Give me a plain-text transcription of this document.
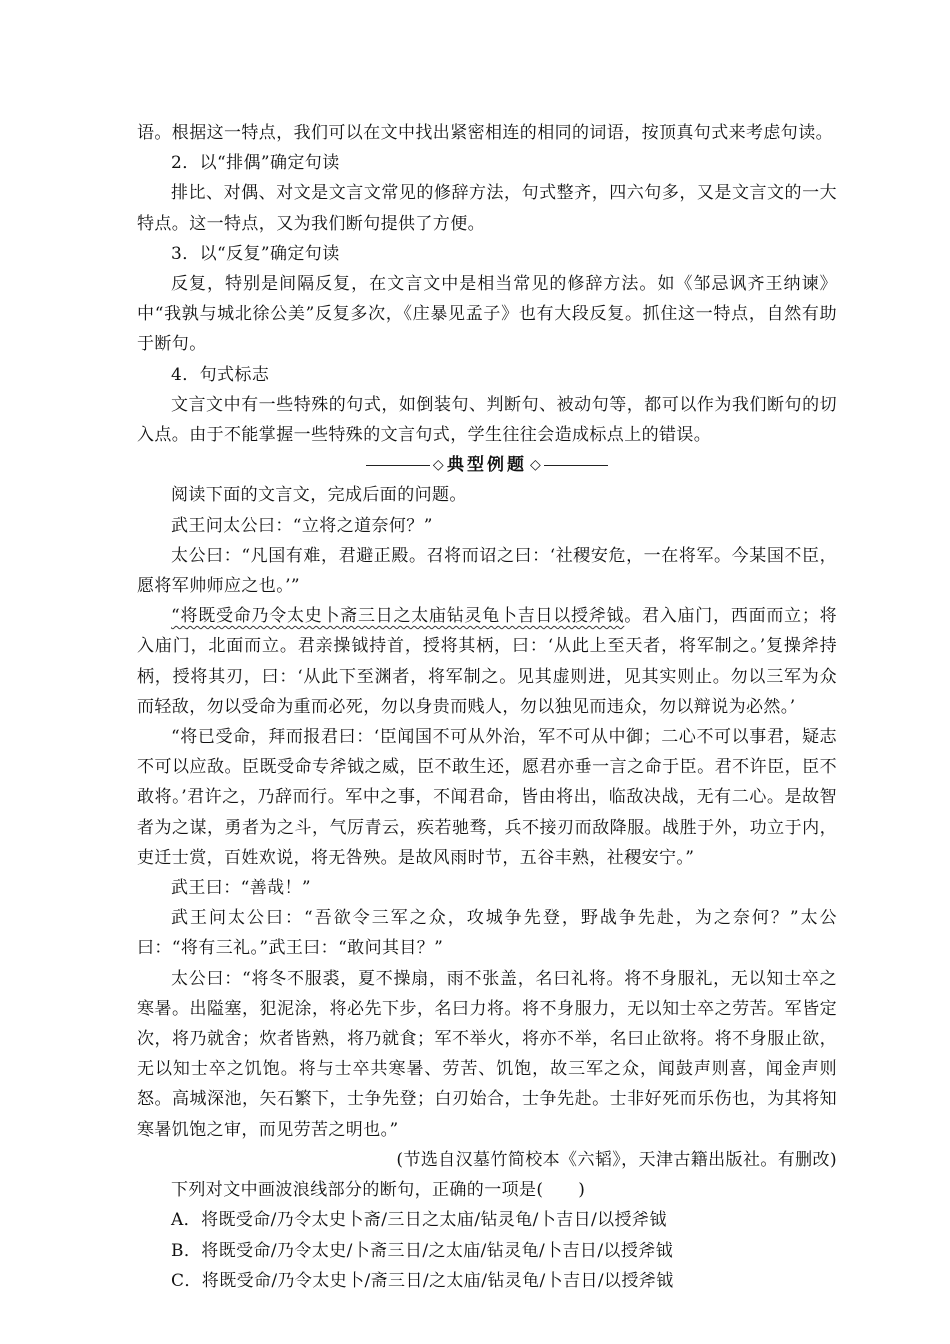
语。根据这一特点，我们可以在文中找出紧密相连的相同的词语，按顶真句式来考虑句读。

2．以“排偶”确定句读

排比、对偶、对文是文言文常见的修辞方法，句式整齐，四六句多，又是文言文的一大特点。这一特点，又为我们断句提供了方便。

3．以“反复”确定句读

反复，特别是间隔反复，在文言文中是相当常见的修辞方法。如《邹忌讽齐王纳谏》中“我孰与城北徐公美”反复多次，《庄暴见孟子》也有大段反复。抓住这一特点，自然有助于断句。

4．句式标志

文言文中有一些特殊的句式，如倒装句、判断句、被动句等，都可以作为我们断句的切入点。由于不能掌握一些特殊的文言句式，学生往往会造成标点上的错误。

◇ 典型例题 ◇

阅读下面的文言文，完成后面的问题。

武王问太公曰：“立将之道奈何？”

太公曰：“凡国有难，君避正殿。召将而诏之曰：‘社稷安危，一在将军。今某国不臣，愿将军帅师应之也。’”

“将既受命乃令太史卜斋三日之太庙钻灵龟卜吉日以授斧钺。君入庙门，西面而立；将入庙门，北面而立。君亲操钺持首，授将其柄，曰：‘从此上至天者，将军制之。’复操斧持柄，授将其刃，曰：‘从此下至渊者，将军制之。见其虚则进，见其实则止。勿以三军为众而轻敌，勿以受命为重而必死，勿以身贵而贱人，勿以独见而违众，勿以辩说为必然。’

“将已受命，拜而报君曰：‘臣闻国不可从外治，军不可从中御；二心不可以事君，疑志不可以应敌。臣既受命专斧钺之威，臣不敢生还，愿君亦垂一言之命于臣。君不许臣，臣不敢将。’君许之，乃辞而行。军中之事，不闻君命，皆由将出，临敌决战，无有二心。是故智者为之谋，勇者为之斗，气厉青云，疾若驰骛，兵不接刃而敌降服。战胜于外，功立于内，吏迁士赏，百姓欢说，将无咎殃。是故风雨时节，五谷丰熟，社稷安宁。”

武王曰：“善哉！”

武王问太公曰：“吾欲令三军之众，攻城争先登，野战争先赴，为之奈何？”太公曰：“将有三礼。”武王曰：“敢问其目？”

太公曰：“将冬不服裘，夏不操扇，雨不张盖，名曰礼将。将不身服礼，无以知士卒之寒暑。出隘塞，犯泥涂，将必先下步，名曰力将。将不身服力，无以知士卒之劳苦。军皆定次，将乃就舍；炊者皆熟，将乃就食；军不举火，将亦不举，名曰止欲将。将不身服止欲，无以知士卒之饥饱。将与士卒共寒暑、劳苦、饥饱，故三军之众，闻鼓声则喜，闻金声则怒。高城深池，矢石繁下，士争先登；白刃始合，士争先赴。士非好死而乐伤也，为其将知寒暑饥饱之审，而见劳苦之明也。”

(节选自汉墓竹简校本《六韬》，天津古籍出版社。有删改)

下列对文中画波浪线部分的断句，正确的一项是(　　)

A．将既受命/乃令太史卜斋/三日之太庙/钻灵龟/卜吉日/以授斧钺

B．将既受命/乃令太史/卜斋三日/之太庙/钻灵龟/卜吉日/以授斧钺

C．将既受命/乃令太史卜/斋三日/之太庙/钻灵龟/卜吉日/以授斧钺
